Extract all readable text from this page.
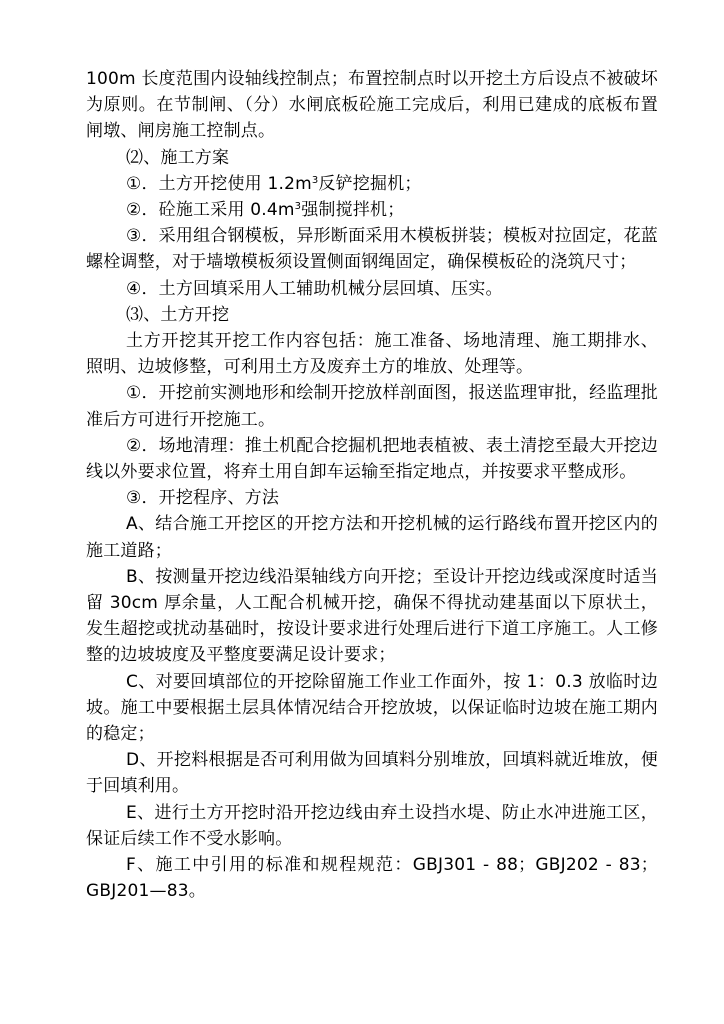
100m 长度范围内设轴线控制点；布置控制点时以开挖土方后设点不被破坏为原则。在节制闸、（分）水闸底板砼施工完成后，利用已建成的底板布置闸墩、闸房施工控制点。

⑵、施工方案

①．土方开挖使用 $1.2m^3$反铲挖掘机；

②．砼施工采用 $0.4m^3$强制搅拌机；

③．采用组合钢模板，异形断面采用木模板拼装；模板对拉固定，花蓝螺栓调整，对于墙墩模板须设置侧面钢绳固定，确保模板砼的浇筑尺寸；

④．土方回填采用人工辅助机械分层回填、压实。

⑶、土方开挖

土方开挖其开挖工作内容包括：施工准备、场地清理、施工期排水、照明、边坡修整，可利用土方及废弃土方的堆放、处理等。

①．开挖前实测地形和绘制开挖放样剖面图，报送监理审批，经监理批准后方可进行开挖施工。

②．场地清理：推土机配合挖掘机把地表植被、表土清挖至最大开挖边线以外要求位置，将弃土用自卸车运输至指定地点，并按要求平整成形。

③．开挖程序、方法

A、结合施工开挖区的开挖方法和开挖机械的运行路线布置开挖区内的施工道路；

B、按测量开挖边线沿渠轴线方向开挖；至设计开挖边线或深度时适当留 30cm 厚余量，人工配合机械开挖，确保不得扰动建基面以下原状土，发生超挖或扰动基础时，按设计要求进行处理后进行下道工序施工。人工修整的边坡坡度及平整度要满足设计要求；

C、对要回填部位的开挖除留施工作业工作面外，按 1：0.3 放临时边坡。施工中要根据土层具体情况结合开挖放坡，以保证临时边坡在施工期内的稳定；

D、开挖料根据是否可利用做为回填料分别堆放，回填料就近堆放，便于回填利用。

E、进行土方开挖时沿开挖边线由弃土设挡水堤、防止水冲进施工区，保证后续工作不受水影响。

F、施工中引用的标准和规程规范：GBJ301 - 88；GBJ202 - 83；GBJ201—83。
